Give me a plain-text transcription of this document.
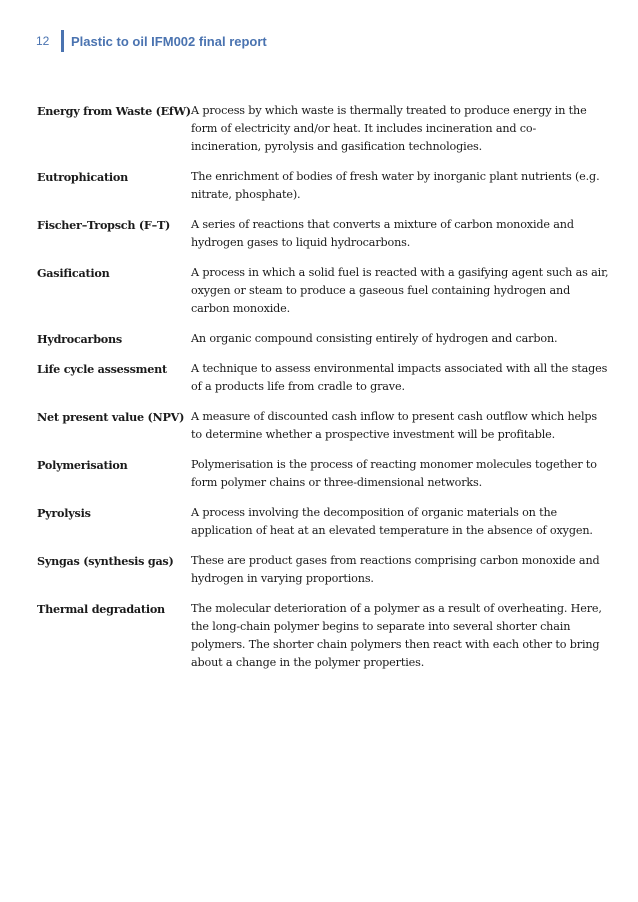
12	Plastic to oil IFM002 final report
Energy from Waste (EfW) A process by which waste is thermally treated to produce energy in the
form of electricity and/or heat. It includes incineration and co-
incineration, pyrolysis and gasification technologies.
Eutrophication	The enrichment of bodies of fresh water by inorganic plant nutrients (e.g.
nitrate, phosphate).
Fischer–Tropsch (F–T)	A series of reactions that converts a mixture of carbon monoxide and
hydrogen gases to liquid hydrocarbons.
Gasification	A process in which a solid fuel is reacted with a gasifying agent such as air,
oxygen or steam to produce a gaseous fuel containing hydrogen and
carbon monoxide.
Hydrocarbons	An organic compound consisting entirely of hydrogen and carbon.
Life cycle assessment	A technique to assess environmental impacts associated with all the stages
of a products life from cradle to grave.
Net present value (NPV) A measure of discounted cash inflow to present cash outflow which helps
to determine whether a prospective investment will be profitable.
Polymerisation	Polymerisation is the process of reacting monomer molecules together to
form polymer chains or three-dimensional networks.
Pyrolysis	A process involving the decomposition of organic materials on the
application of heat at an elevated temperature in the absence of oxygen.
Syngas (synthesis gas)	These are product gases from reactions comprising carbon monoxide and
hydrogen in varying proportions.
Thermal degradation	The molecular deterioration of a polymer as a result of overheating. Here,
the long-chain polymer begins to separate into several shorter chain
polymers. The shorter chain polymers then react with each other to bring
about a change in the polymer properties.
